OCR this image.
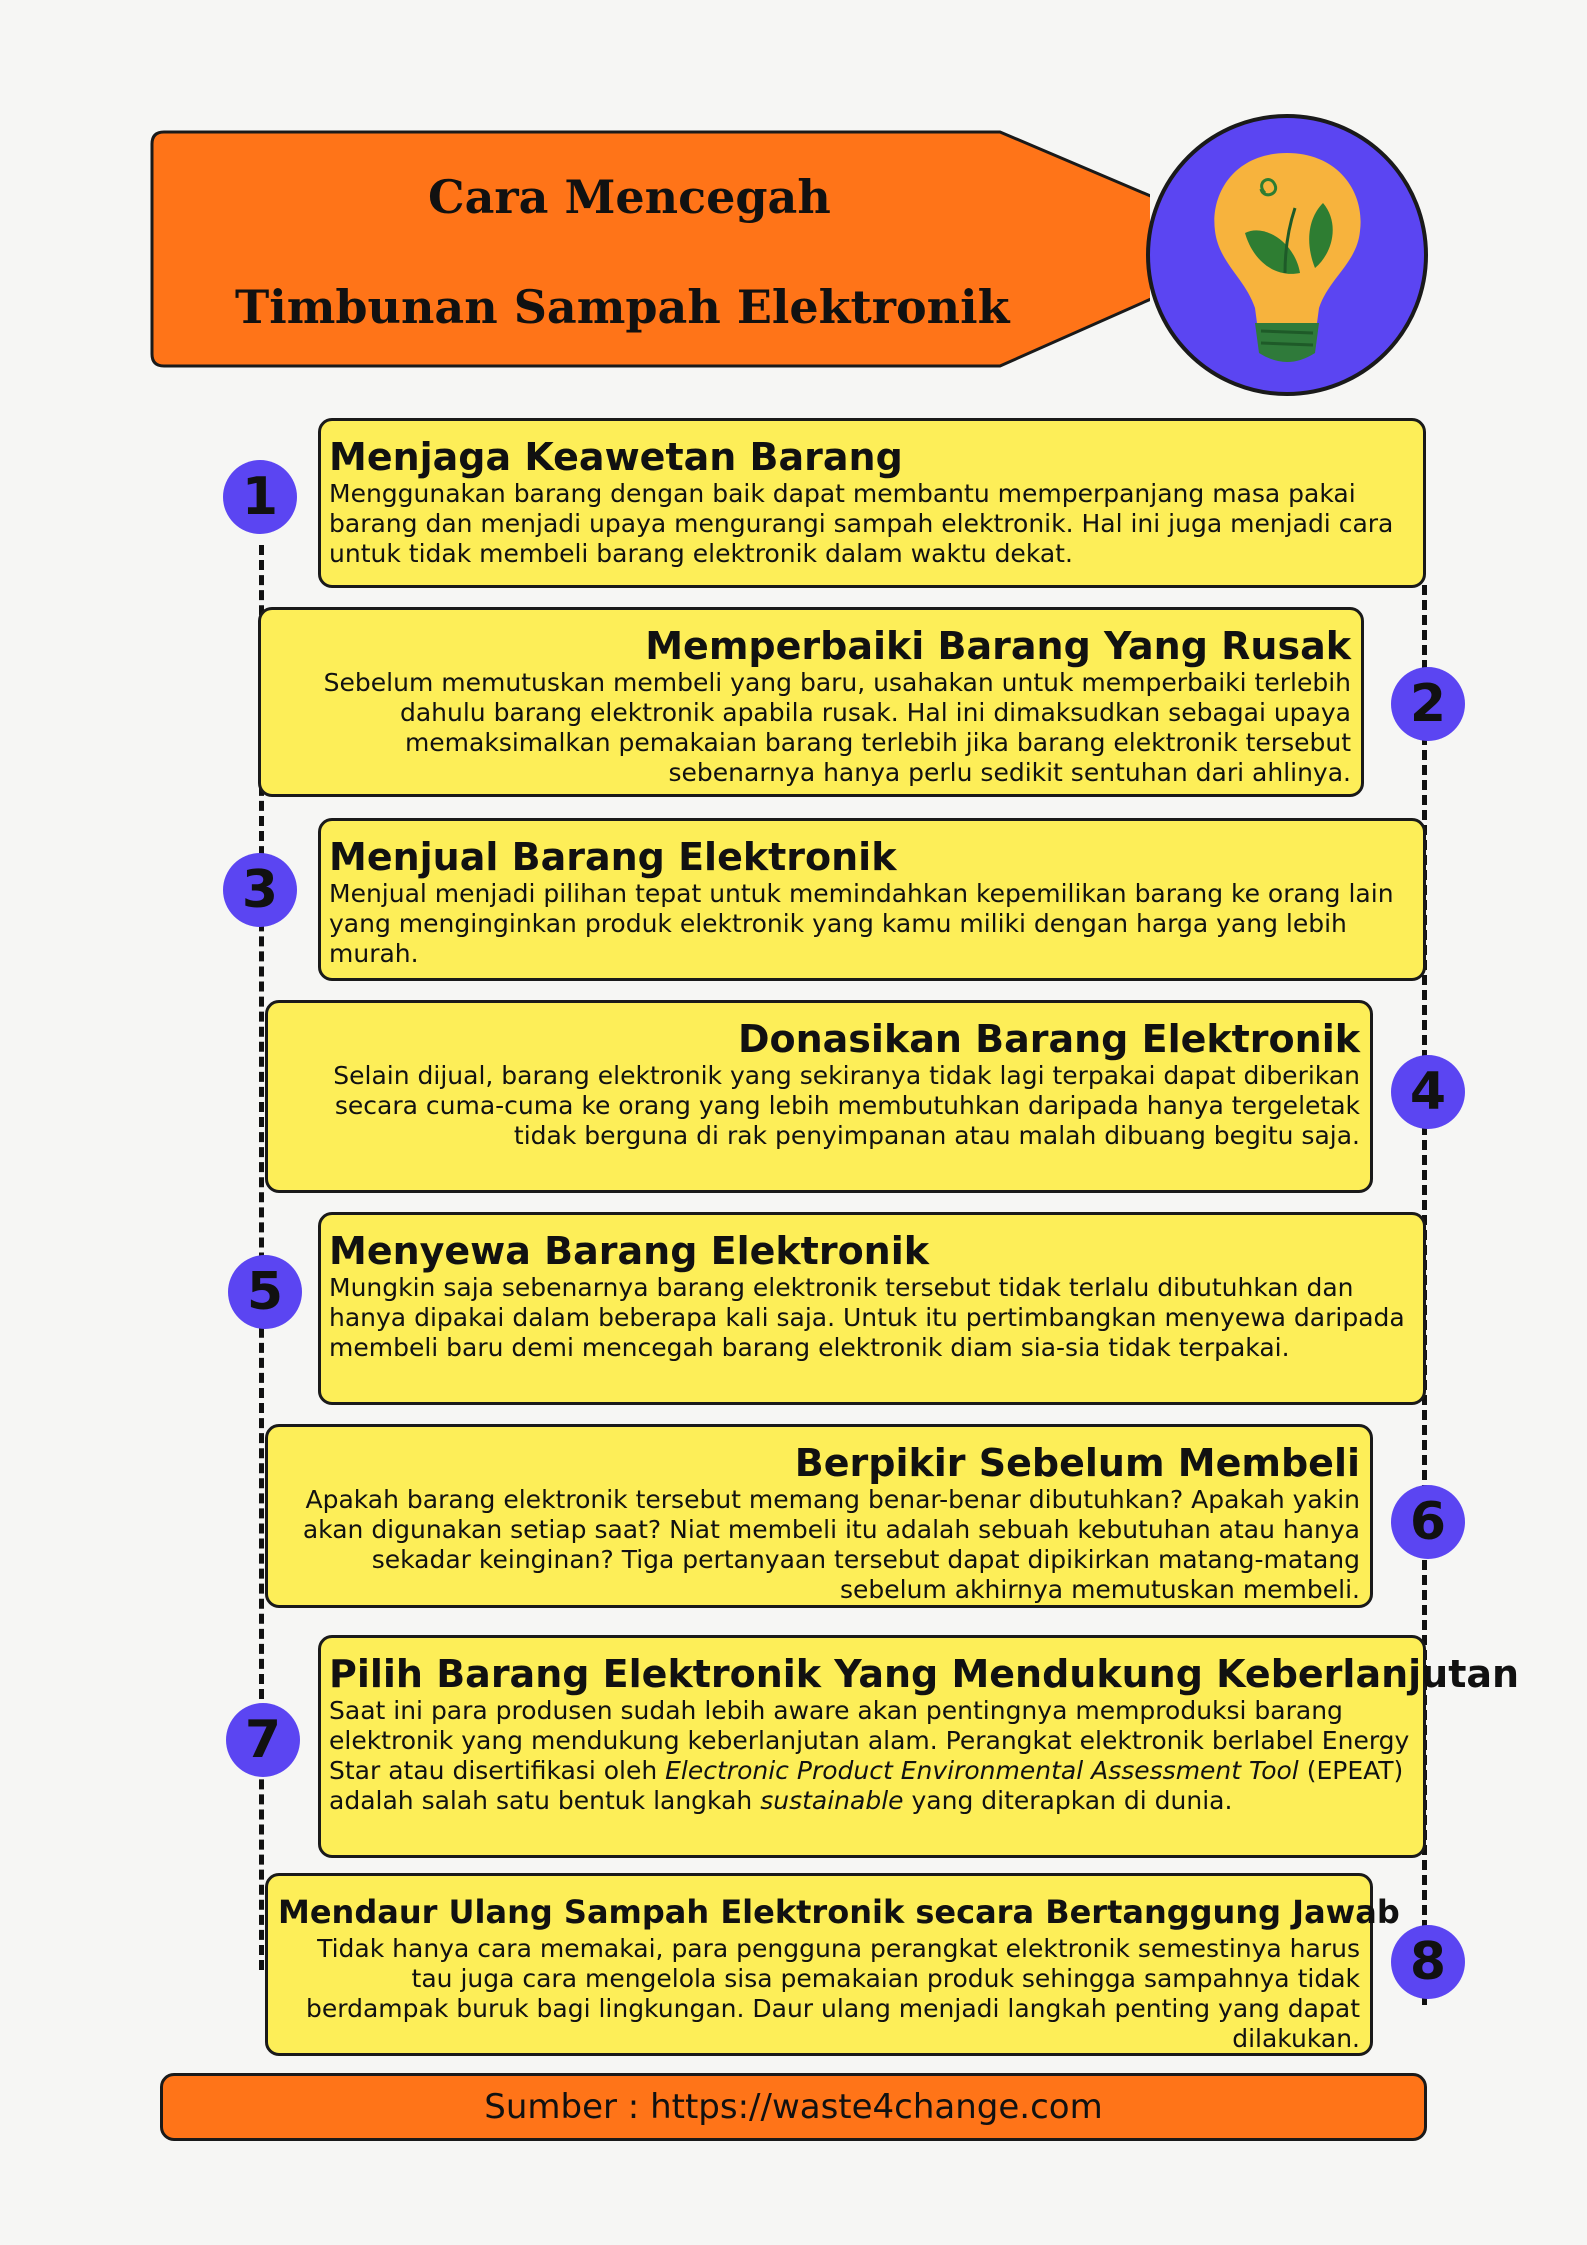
Cara Mencegah
Timbunan Sampah Elektronik
1
Menjaga Keawetan Barang
Menggunakan barang dengan baik dapat membantu memperpanjang masa pakai barang dan menjadi upaya mengurangi sampah elektronik. Hal ini juga menjadi cara untuk tidak membeli barang elektronik dalam waktu dekat.
Memperbaiki Barang Yang Rusak
Sebelum memutuskan membeli yang baru, usahakan untuk memperbaiki terlebih dahulu barang elektronik apabila rusak. Hal ini dimaksudkan sebagai upaya memaksimalkan pemakaian barang terlebih jika barang elektronik tersebut sebenarnya hanya perlu sedikit sentuhan dari ahlinya.
2
3
Menjual Barang Elektronik
Menjual menjadi pilihan tepat untuk memindahkan kepemilikan barang ke orang lain yang menginginkan produk elektronik yang kamu miliki dengan harga yang lebih murah.
Donasikan Barang Elektronik
Selain dijual, barang elektronik yang sekiranya tidak lagi terpakai dapat diberikan secara cuma-cuma ke orang yang lebih membutuhkan daripada hanya tergeletak tidak berguna di rak penyimpanan atau malah dibuang begitu saja.
4
5
Menyewa Barang Elektronik
Mungkin saja sebenarnya barang elektronik tersebut tidak terlalu dibutuhkan dan hanya dipakai dalam beberapa kali saja. Untuk itu pertimbangkan menyewa daripada membeli baru demi mencegah barang elektronik diam sia-sia tidak terpakai.
Berpikir Sebelum Membeli
Apakah barang elektronik tersebut memang benar-benar dibutuhkan? Apakah yakin akan digunakan setiap saat? Niat membeli itu adalah sebuah kebutuhan atau hanya sekadar keinginan? Tiga pertanyaan tersebut dapat dipikirkan matang-matang sebelum akhirnya memutuskan membeli.
6
7
Pilih Barang Elektronik Yang Mendukung Keberlanjutan
Saat ini para produsen sudah lebih aware akan pentingnya memproduksi barang elektronik yang mendukung keberlanjutan alam. Perangkat elektronik berlabel Energy Star atau disertifikasi oleh Electronic Product Environmental Assessment Tool (EPEAT) adalah salah satu bentuk langkah sustainable yang diterapkan di dunia.
Mendaur Ulang Sampah Elektronik secara Bertanggung Jawab
Tidak hanya cara memakai, para pengguna perangkat elektronik semestinya harus tau juga cara mengelola sisa pemakaian produk sehingga sampahnya tidak berdampak buruk bagi lingkungan. Daur ulang menjadi langkah penting yang dapat dilakukan.
8
Sumber : https://waste4change.com
